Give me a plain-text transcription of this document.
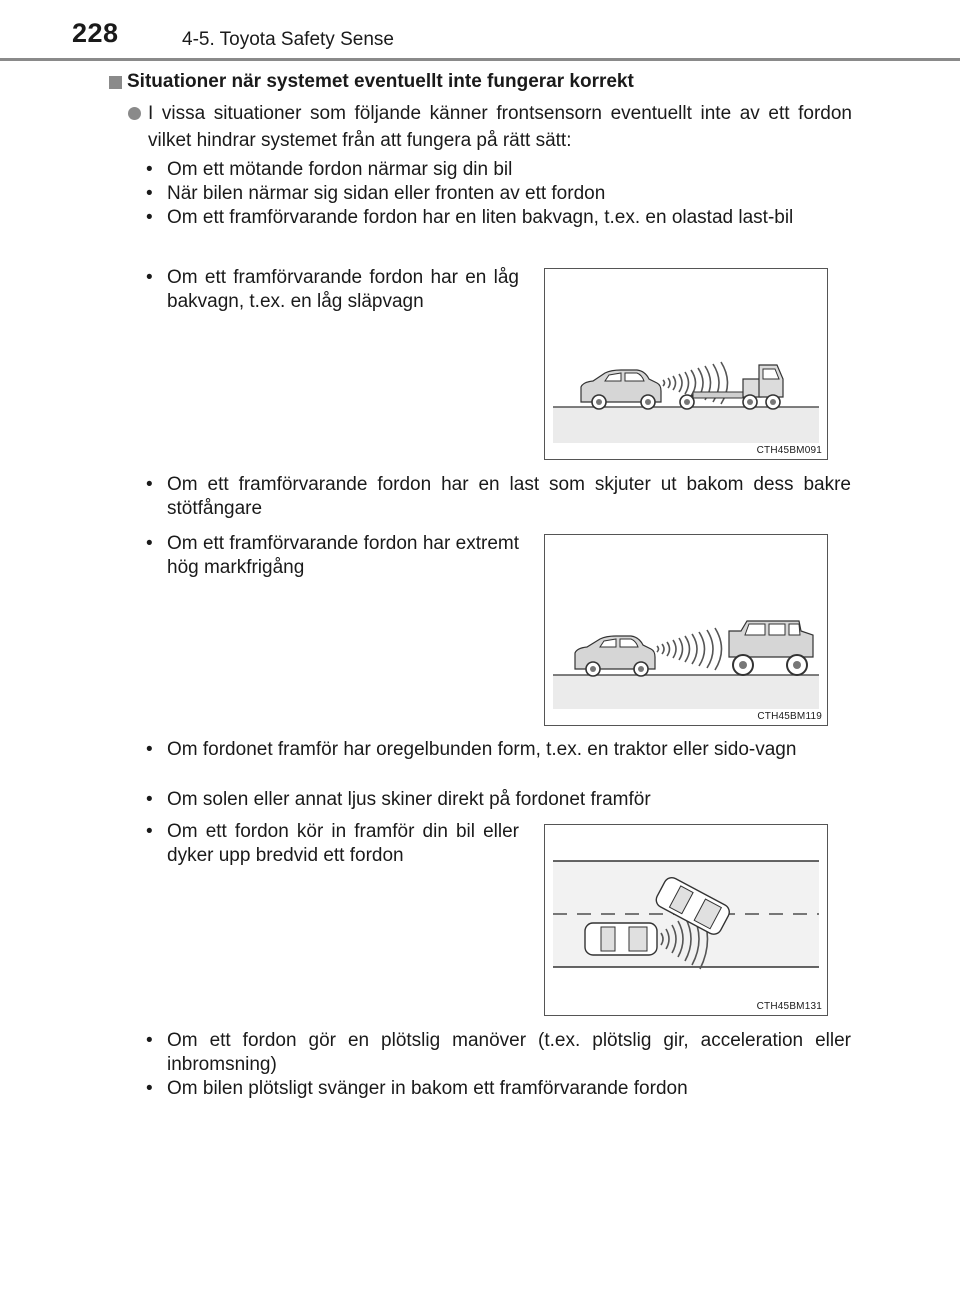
228	4-5. Toyota Safety Sense
Situationer när systemet eventuellt inte fungerar korrekt

I vissa situationer som följande känner frontsensorn eventuellt inte av ett fordon vilket hindrar systemet från att fungera på rätt sätt:

• Om ett mötande fordon närmar sig din bil

• När bilen närmar sig sidan eller fronten av ett fordon

• Om ett framförvarande fordon har en liten bakvagn, t.ex. en olastad last-bil

• Om ett framförvarande fordon har en låg bakvagn, t.ex. en låg släpvagn

• Om ett framförvarande fordon har en last som skjuter ut bakom dess bakre stötfångare

• Om ett framförvarande fordon har extremt hög markfrigång

• Om fordonet framför har oregelbunden form, t.ex. en traktor eller sido-vagn

• Om solen eller annat ljus skiner direkt på fordonet framför

• Om ett fordon kör in framför din bil eller dyker upp bredvid ett fordon

• Om ett fordon gör en plötslig manöver (t.ex. plötslig gir, acceleration eller inbromsning)

• Om bilen plötsligt svänger in bakom ett framförvarande fordon

CTH45BM091
CTH45BM119
CTH45BM131
